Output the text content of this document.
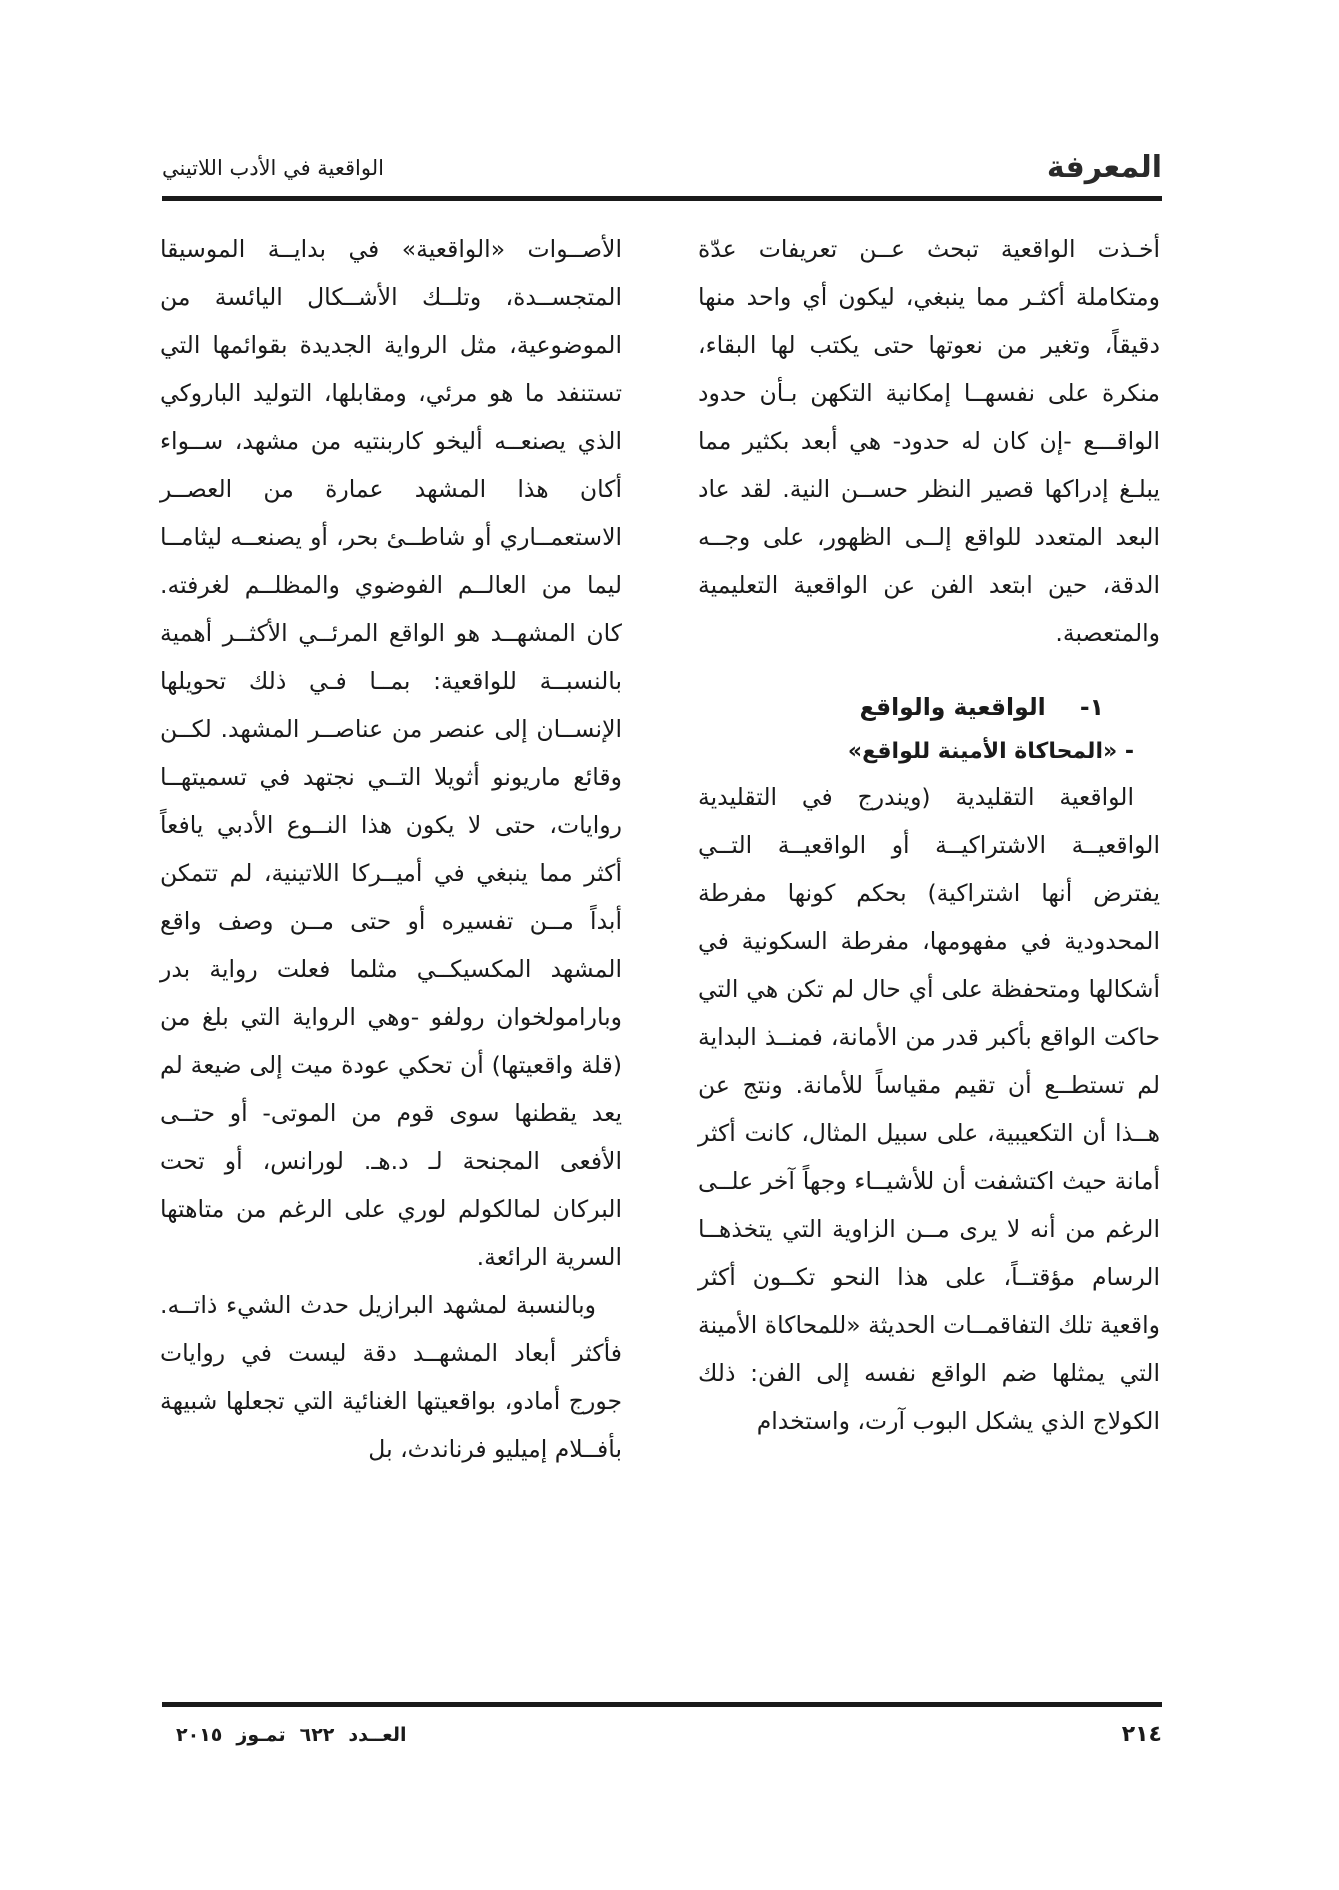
المعرفة
الواقعية في الأدب اللاتيني

أخـذت الواقعية تبحث عــن تعريفات عدّة ومتكاملة أكثـر مما ينبغي، ليكون أي واحد منها دقيقاً، وتغير من نعوتها حتى يكتب لها البقاء، منكرة على نفسهــا إمكانية التكهن بـأن حدود الواقـــع -إن كان له حدود- هي أبعد بكثير مما يبلـغ إدراكها قصير النظر حســن النية. لقد عاد البعد المتعدد للواقع إلــى الظهور، على وجــه الدقة، حين ابتعد الفن عن الواقعية التعليمية والمتعصبة.

١- الواقعية والواقع
- «المحاكاة الأمينة للواقع»

الواقعية التقليدية (ويندرج في التقليدية الواقعيــة الاشتراكيــة أو الواقعيــة التــي يفترض أنها اشتراكية) بحكم كونها مفرطة المحدودية في مفهومها، مفرطة السكونية في أشكالها ومتحفظة على أي حال لم تكن هي التي حاكت الواقع بأكبر قدر من الأمانة، فمنــذ البداية لم تستطــع أن تقيم مقياساً للأمانة. ونتج عن هــذا أن التكعيبية، على سبيل المثال، كانت أكثر أمانة حيث اكتشفت أن للأشيــاء وجهاً آخر علــى الرغم من أنه لا يرى مــن الزاوية التي يتخذهــا الرسام مؤقتــاً، على هذا النحو تكــون أكثر واقعية تلك التفاقمــات الحديثة «للمحاكاة الأمينة التي يمثلها ضم الواقع نفسه إلى الفن: ذلك الكولاج الذي يشكل البوب آرت، واستخدام

الأصــوات «الواقعية» في بدايــة الموسيقا المتجســدة، وتلــك الأشــكال اليائسة من الموضوعية، مثل الرواية الجديدة بقوائمها التي تستنفد ما هو مرئي، ومقابلها، التوليد الباروكي الذي يصنعــه أليخو كاربنتيه من مشهد، ســواء أكان هذا المشهد عمارة من العصــر الاستعمــاري أو شاطــئ بحر، أو يصنعــه ليثامــا ليما من العالــم الفوضوي والمظلــم لغرفته. كان المشهــد هو الواقع المرئــي الأكثــر أهمية بالنسبــة للواقعية: بمــا فـي ذلك تحويلها الإنســان إلى عنصر من عناصــر المشهد. لكــن وقائع ماريونو أثويلا التــي نجتهد في تسميتهــا روايات، حتى لا يكون هذا النــوع الأدبي يافعاً أكثر مما ينبغي في أميــركا اللاتينية، لم تتمكن أبداً مــن تفسيره أو حتى مــن وصف واقع المشهد المكسيكــي مثلما فعلت رواية بدر وبارامولخوان رولفو -وهي الرواية التي بلغ من (قلة واقعيتها) أن تحكي عودة ميت إلى ضيعة لم يعد يقطنها سوى قوم من الموتى- أو حتــى الأفعى المجنحة لـ د.هـ. لورانس، أو تحت البركان لمالكولم لوري على الرغم من متاهتها السرية الرائعة.

وبالنسبة لمشهد البرازيل حدث الشيء ذاتــه. فأكثر أبعاد المشهــد دقة ليست في روايات جورج أمادو، بواقعيتها الغنائية التي تجعلها شبيهة بأفــلام إميليو فرناندث، بل

٢١٤
العــدد٦٢٢تمـوز٢٠١٥
